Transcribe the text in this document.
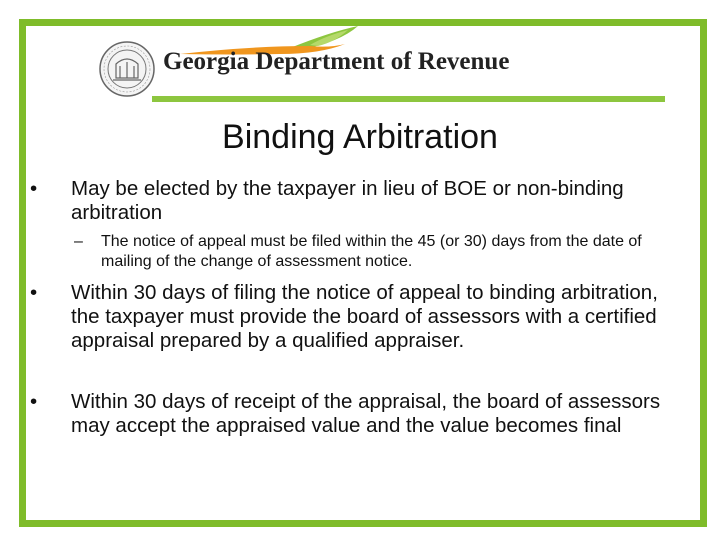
Georgia Department of Revenue
Binding Arbitration
• May be elected by the taxpayer in lieu of BOE or non-binding arbitration
– The notice of appeal must be filed within the 45 (or 30) days from the date of mailing of the change of assessment notice.
• Within 30 days of filing the notice of appeal to binding arbitration, the taxpayer must provide the board of assessors with a certified appraisal prepared by a qualified appraiser.
• Within 30 days of receipt of the appraisal, the board of assessors may accept the appraised value and the value becomes final
